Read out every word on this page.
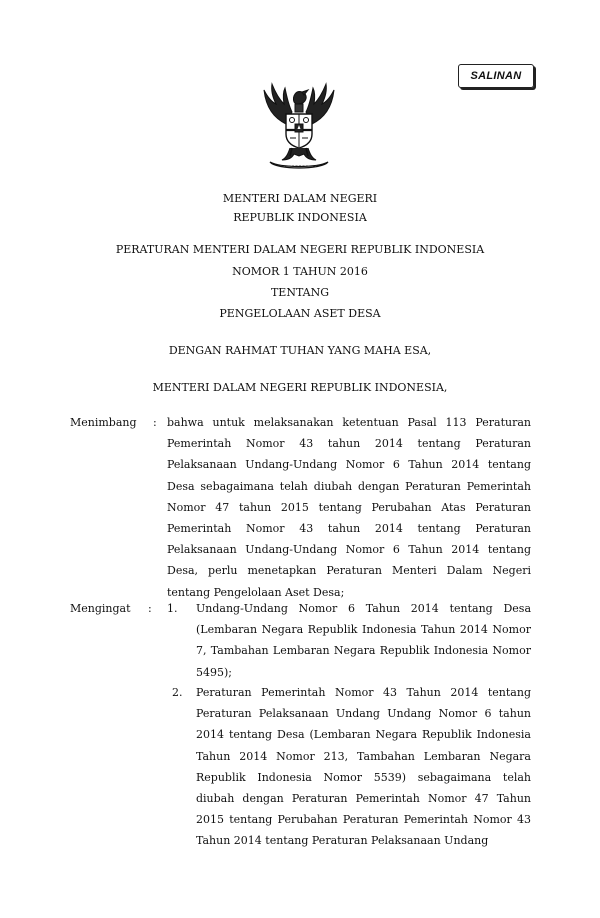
SALINAN
MENTERI DALAM NEGERI
REPUBLIK INDONESIA
PERATURAN MENTERI DALAM NEGERI REPUBLIK INDONESIA
NOMOR 1 TAHUN 2016
TENTANG
PENGELOLAAN ASET DESA
DENGAN RAHMAT TUHAN YANG MAHA ESA,
MENTERI DALAM NEGERI REPUBLIK INDONESIA,
Menimbang : bahwa untuk melaksanakan ketentuan Pasal 113 Peraturan Pemerintah Nomor 43 tahun 2014 tentang Peraturan Pelaksanaan Undang-Undang Nomor 6 Tahun 2014 tentang Desa sebagaimana telah diubah dengan Peraturan Pemerintah Nomor 47 tahun 2015 tentang Perubahan Atas Peraturan Pemerintah Nomor 43 tahun 2014 tentang Peraturan Pelaksanaan Undang-Undang Nomor 6 Tahun 2014 tentang Desa, perlu menetapkan Peraturan Menteri Dalam Negeri tentang Pengelolaan Aset Desa;
Mengingat : 1. Undang-Undang Nomor 6 Tahun 2014 tentang Desa (Lembaran Negara Republik Indonesia Tahun 2014 Nomor 7, Tambahan Lembaran Negara Republik Indonesia Nomor 5495);
2. Peraturan Pemerintah Nomor 43 Tahun 2014 tentang Peraturan Pelaksanaan Undang Undang Nomor 6 tahun 2014 tentang Desa (Lembaran Negara Republik Indonesia Tahun 2014 Nomor 213, Tambahan Lembaran Negara Republik Indonesia Nomor 5539) sebagaimana telah diubah dengan Peraturan Pemerintah Nomor 47 Tahun 2015 tentang Perubahan Peraturan Pemerintah Nomor 43 Tahun 2014 tentang Peraturan Pelaksanaan Undang
